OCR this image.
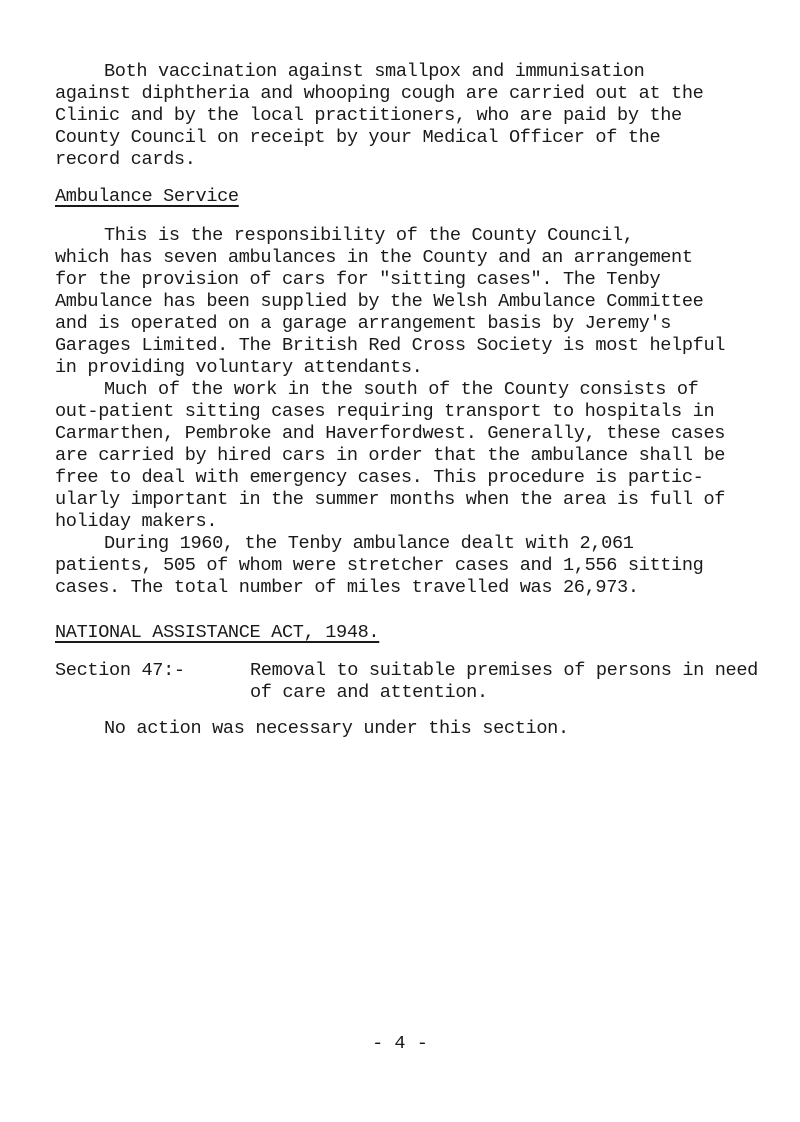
Both vaccination against smallpox and immunisation
against diphtheria and whooping cough are carried out at the
Clinic and by the local practitioners, who are paid by the
County Council on receipt by your Medical Officer of the
record cards.
Ambulance Service
This is the responsibility of the County Council,
which has seven ambulances in the County and an arrangement
for the provision of cars for "sitting cases". The Tenby
Ambulance has been supplied by the Welsh Ambulance Committee
and is operated on a garage arrangement basis by Jeremy's
Garages Limited. The British Red Cross Society is most helpful
in providing voluntary attendants.
Much of the work in the south of the County consists of
out-patient sitting cases requiring transport to hospitals in
Carmarthen, Pembroke and Haverfordwest. Generally, these cases
are carried by hired cars in order that the ambulance shall be
free to deal with emergency cases. This procedure is partic-
ularly important in the summer months when the area is full of
holiday makers.
During 1960, the Tenby ambulance dealt with 2,061
patients, 505 of whom were stretcher cases and 1,556 sitting
cases. The total number of miles travelled was 26,973.
NATIONAL ASSISTANCE ACT, 1948.
Section 47:-	Removal to suitable premises of persons in need
of care and attention.
No action was necessary under this section.
- 4 -
